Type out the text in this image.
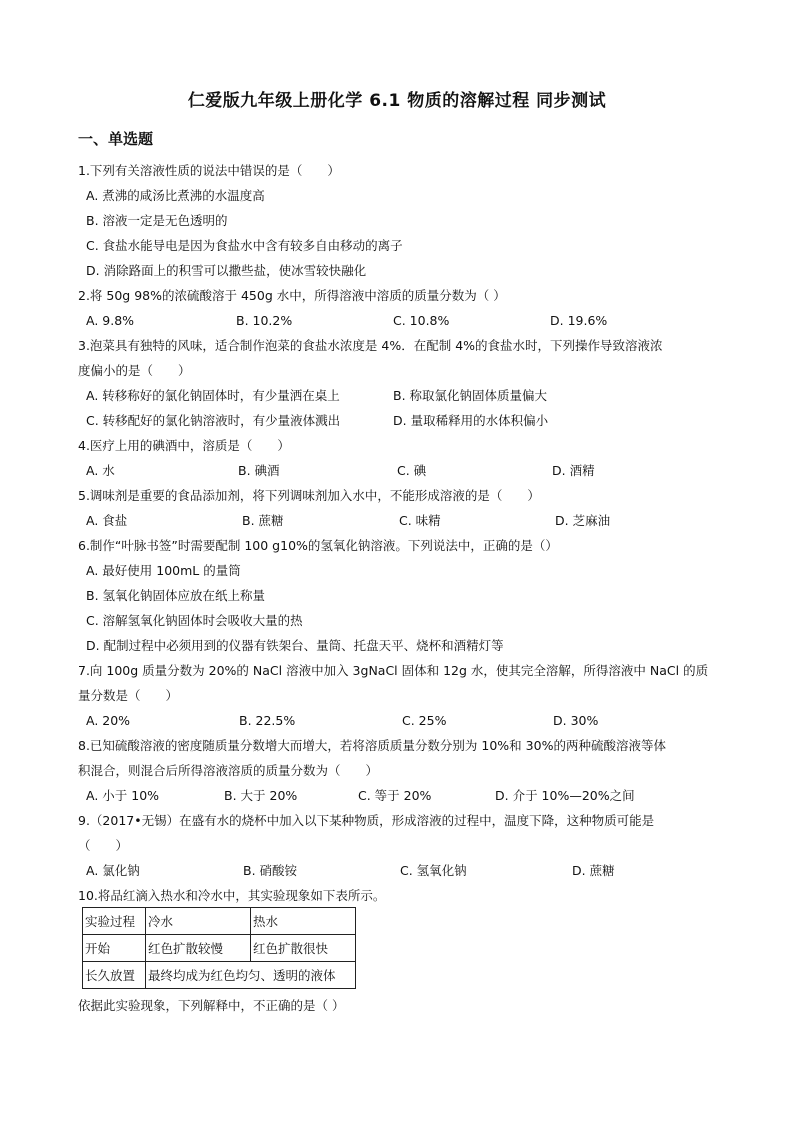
仁爱版九年级上册化学 6.1 物质的溶解过程 同步测试
一、单选题
1.下列有关溶液性质的说法中错误的是（　　）
A. 煮沸的咸汤比煮沸的水温度高
B. 溶液一定是无色透明的
C. 食盐水能导电是因为食盐水中含有较多自由移动的离子
D. 消除路面上的积雪可以撒些盐，使冰雪较快融化
2.将 50g 98%的浓硫酸溶于 450g 水中，所得溶液中溶质的质量分数为（ ）
A. 9.8%	B. 10.2%	C. 10.8%	D. 19.6%
3.泡菜具有独特的风味，适合制作泡菜的食盐水浓度是 4%．在配制 4%的食盐水时，下列操作导致溶液浓
度偏小的是（　　）
A. 转移称好的氯化钠固体时，有少量洒在桌上	B. 称取氯化钠固体质量偏大
C. 转移配好的氯化钠溶液时，有少量液体溅出	D. 量取稀释用的水体积偏小
4.医疗上用的碘酒中，溶质是（　　）
A. 水	B. 碘酒	C. 碘	D. 酒精
5.调味剂是重要的食品添加剂，将下列调味剂加入水中，不能形成溶液的是（　　）
A. 食盐	B. 蔗糖	C. 味精	D. 芝麻油
6.制作“叶脉书签”时需要配制 100 g10%的氢氧化钠溶液。下列说法中，正确的是（）
A. 最好使用 100mL 的量筒
B. 氢氧化钠固体应放在纸上称量
C. 溶解氢氧化钠固体时会吸收大量的热
D. 配制过程中必须用到的仪器有铁架台、量筒、托盘天平、烧杯和酒精灯等
7.向 100g 质量分数为 20%的 NaCl 溶液中加入 3gNaCl 固体和 12g 水，使其完全溶解，所得溶液中 NaCl 的质
量分数是（　　）
A. 20%	B. 22.5%	C. 25%	D. 30%
8.已知硫酸溶液的密度随质量分数增大而增大，若将溶质质量分数分别为 10%和 30%的两种硫酸溶液等体
积混合，则混合后所得溶液溶质的质量分数为（　　）
A. 小于 10%	B. 大于 20%	C. 等于 20%	D. 介于 10%—20%之间
9.（2017•无锡）在盛有水的烧杯中加入以下某种物质，形成溶液的过程中，温度下降，这种物质可能是
（　　）
A. 氯化钠	B. 硝酸铵	C. 氢氧化钠	D. 蔗糖
10.将品红滴入热水和冷水中，其实验现象如下表所示。
实验过程	冷水	热水
开始	红色扩散较慢	红色扩散很快
长久放置	最终均成为红色均匀、透明的液体	
依据此实验现象，下列解释中，不正确的是（ ）
